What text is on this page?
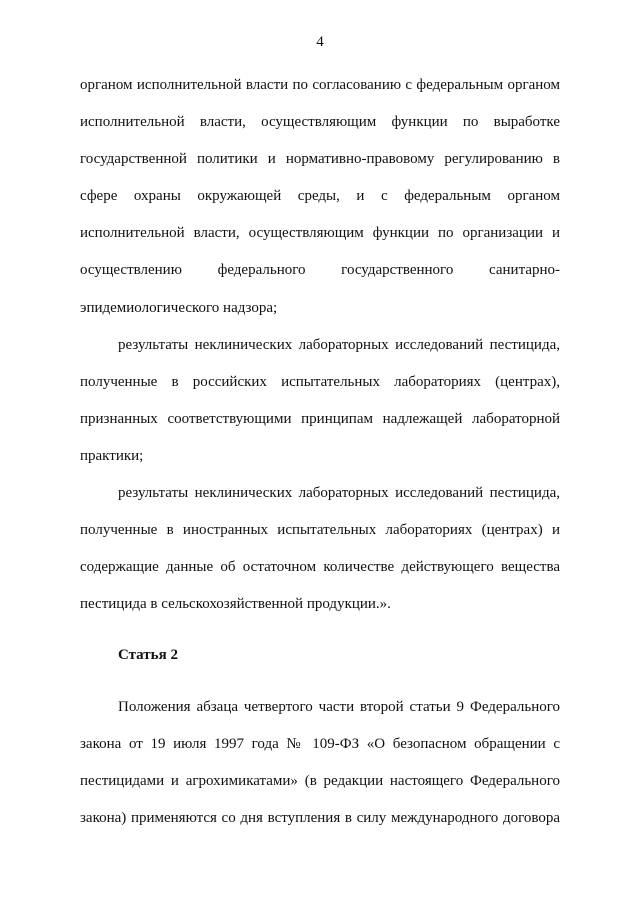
4
органом исполнительной власти по согласованию с федеральным органом
исполнительной власти, осуществляющим функции по выработке
государственной политики и нормативно-правовому регулированию в
сфере охраны окружающей среды, и с федеральным органом
исполнительной власти, осуществляющим функции по организации и
осуществлению федерального государственного санитарно-
эпидемиологического надзора;
результаты неклинических лабораторных исследований пестицида,
полученные в российских испытательных лабораториях (центрах),
признанных соответствующими принципам надлежащей лабораторной
практики;
результаты неклинических лабораторных исследований пестицида,
полученные в иностранных испытательных лабораториях (центрах) и
содержащие данные об остаточном количестве действующего вещества
пестицида в сельскохозяйственной продукции.».
Статья 2
Положения абзаца четвертого части второй статьи 9 Федерального
закона от 19 июля 1997 года № 109-ФЗ «О безопасном обращении с
пестицидами и агрохимикатами» (в редакции настоящего Федерального
закона) применяются со дня вступления в силу международного договора
